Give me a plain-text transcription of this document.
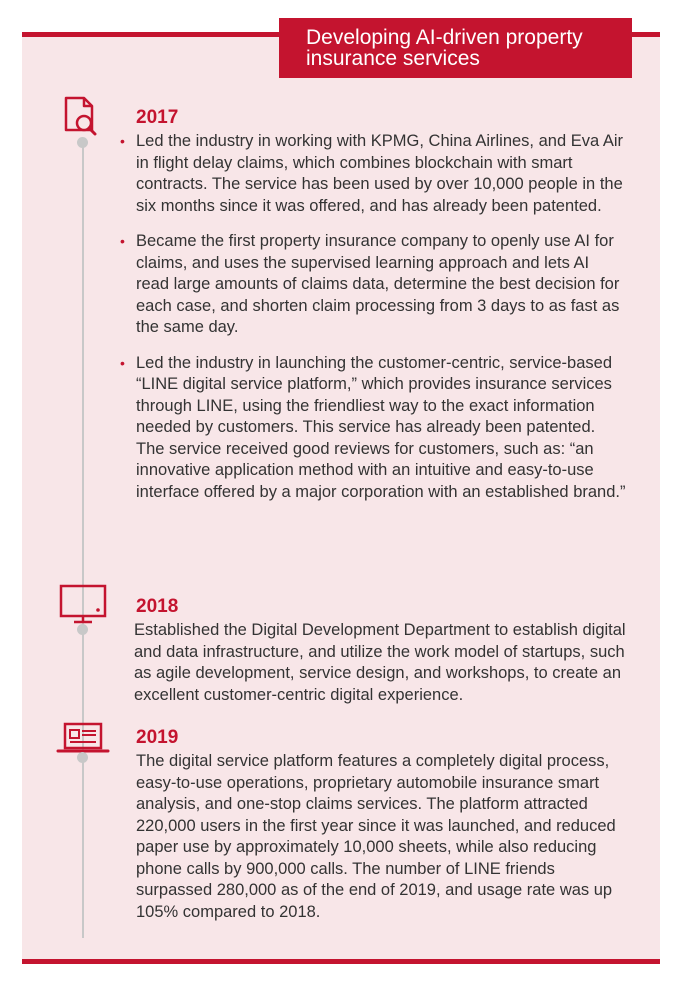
Developing AI-driven property insurance services
2017
• Led the industry in working with KPMG, China Airlines, and Eva Air in flight delay claims, which combines blockchain with smart contracts. The service has been used by over 10,000 people in the six months since it was offered, and has already been patented.
• Became the first property insurance company to openly use AI for claims, and uses the supervised learning approach and lets AI read large amounts of claims data, determine the best decision for each case, and shorten claim processing from 3 days to as fast as the same day.
• Led the industry in launching the customer-centric, service-based “LINE digital service platform,” which provides insurance services through LINE, using the friendliest way to the exact information needed by customers. This service has already been patented. The service received good reviews for customers, such as: “an innovative application method with an intuitive and easy-to-use interface offered by a major corporation with an established brand.”
2018
Established the Digital Development Department to establish digital and data infrastructure, and utilize the work model of startups, such as agile development, service design, and workshops, to create an excellent customer-centric digital experience.
2019
The digital service platform features a completely digital process, easy-to-use operations, proprietary automobile insurance smart analysis, and one-stop claims services. The platform attracted 220,000 users in the first year since it was launched, and reduced paper use by approximately 10,000 sheets, while also reducing phone calls by 900,000 calls. The number of LINE friends surpassed 280,000 as of the end of 2019, and usage rate was up 105% compared to 2018.
